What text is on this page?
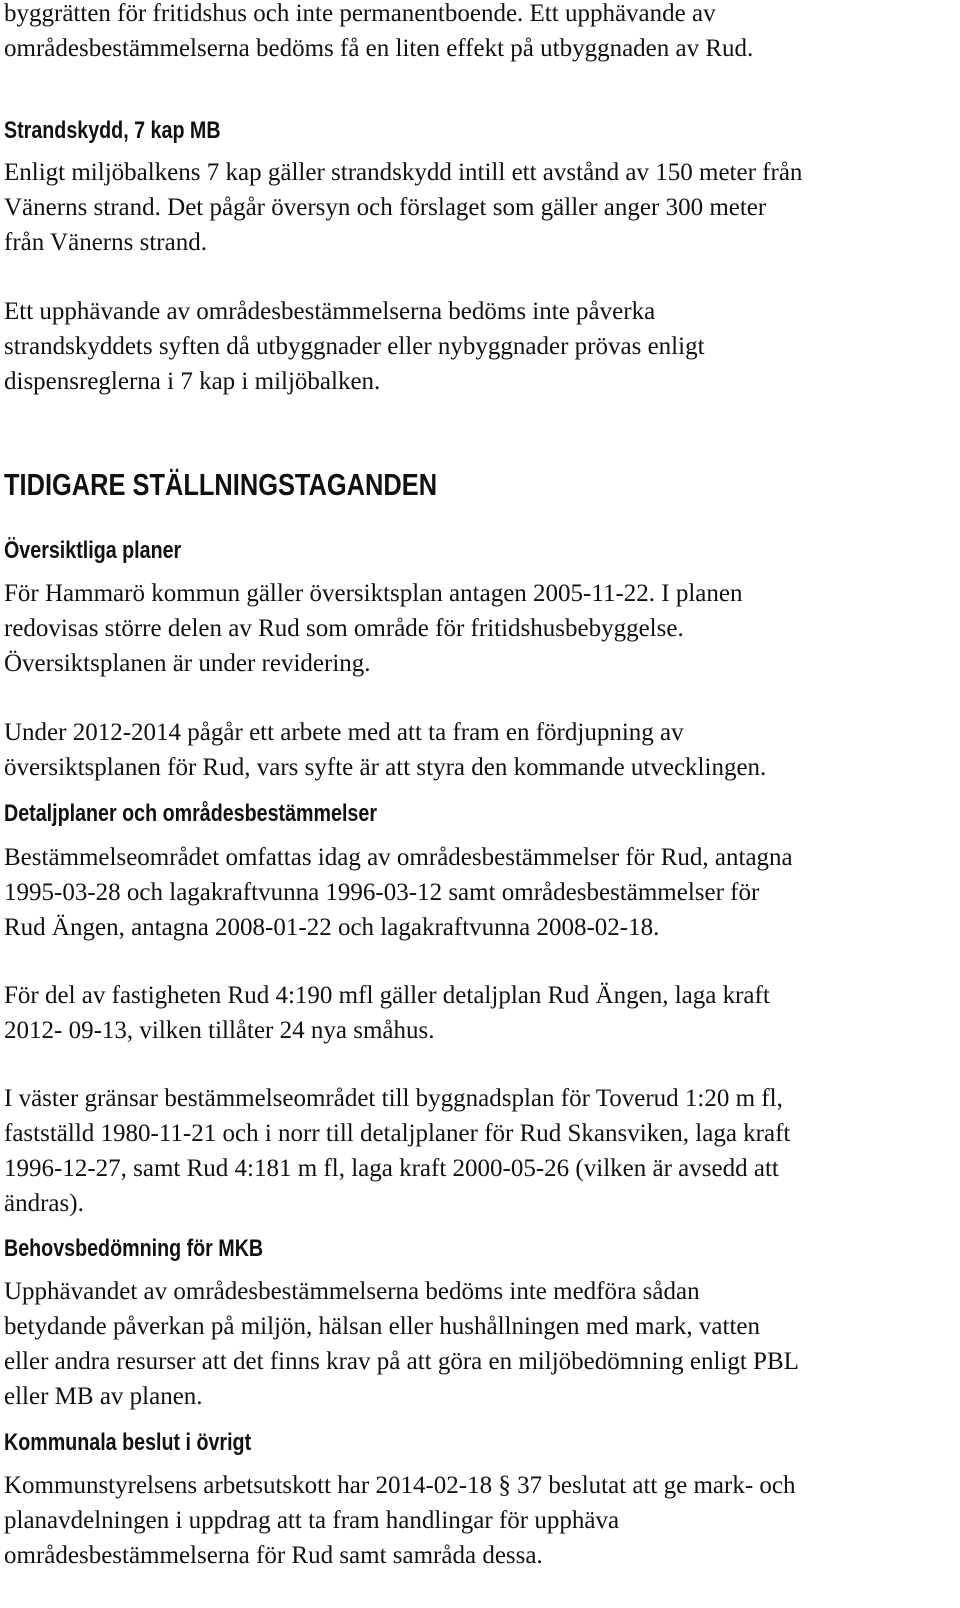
byggrätten för fritidshus och inte permanentboende. Ett upphävande av
områdesbestämmelserna bedöms få en liten effekt på utbyggnaden av Rud.
Strandskydd, 7 kap MB
Enligt miljöbalkens 7 kap gäller strandskydd intill ett avstånd av 150 meter från
Vänerns strand. Det pågår översyn och förslaget som gäller anger 300 meter
från Vänerns strand.
Ett upphävande av områdesbestämmelserna bedöms inte påverka
strandskyddets syften då utbyggnader eller nybyggnader prövas enligt
dispensreglerna i 7 kap i miljöbalken.
TIDIGARE STÄLLNINGSTAGANDEN
Översiktliga planer
För Hammarö kommun gäller översiktsplan antagen 2005-11-22. I planen
redovisas större delen av Rud som område för fritidshusbebyggelse.
Översiktsplanen är under revidering.
Under 2012-2014 pågår ett arbete med att ta fram en fördjupning av
översiktsplanen för Rud, vars syfte är att styra den kommande utvecklingen.
Detaljplaner och områdesbestämmelser
Bestämmelseområdet omfattas idag av områdesbestämmelser för Rud, antagna
1995-03-28 och lagakraftvunna 1996-03-12 samt områdesbestämmelser för
Rud Ängen, antagna 2008-01-22 och lagakraftvunna 2008-02-18.
För del av fastigheten Rud 4:190 mfl gäller detaljplan Rud Ängen, laga kraft
2012- 09-13, vilken tillåter 24 nya småhus.
I väster gränsar bestämmelseområdet till byggnadsplan för Toverud 1:20 m fl,
fastställd 1980-11-21 och i norr till detaljplaner för Rud Skansviken, laga kraft
1996-12-27, samt Rud 4:181 m fl, laga kraft 2000-05-26 (vilken är avsedd att
ändras).
Behovsbedömning för MKB
Upphävandet av områdesbestämmelserna bedöms inte medföra sådan
betydande påverkan på miljön, hälsan eller hushållningen med mark, vatten
eller andra resurser att det finns krav på att göra en miljöbedömning enligt PBL
eller MB av planen.
Kommunala beslut i övrigt
Kommunstyrelsens arbetsutskott har 2014-02-18 § 37 beslutat att ge mark- och
planavdelningen i uppdrag att ta fram handlingar för upphäva
områdesbestämmelserna för Rud samt samråda dessa.
